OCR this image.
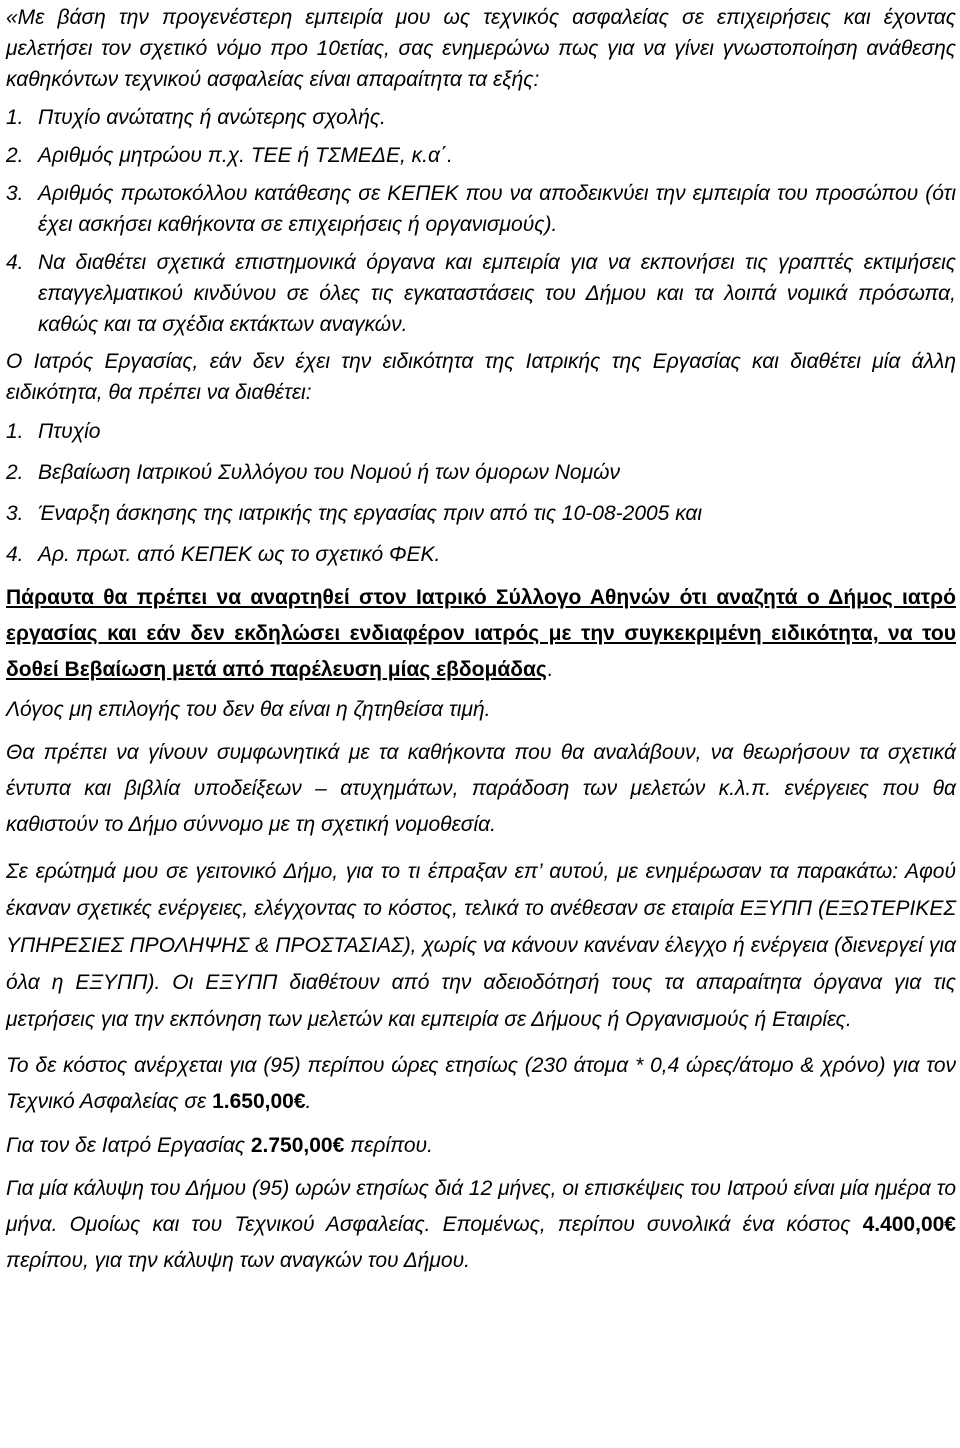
«Με βάση την προγενέστερη εμπειρία μου ως τεχνικός ασφαλείας σε επιχειρήσεις και έχοντας μελετήσει τον σχετικό νόμο προ 10ετίας, σας ενημερώνω πως για να γίνει γνωστοποίηση ανάθεσης καθηκόντων τεχνικού ασφαλείας είναι απαραίτητα τα εξής:

1. Πτυχίο ανώτατης ή ανώτερης σχολής.
2. Αριθμός μητρώου π.χ. ΤΕΕ ή ΤΣΜΕΔΕ, κ.α΄.
3. Αριθμός πρωτοκόλλου κατάθεσης σε ΚΕΠΕΚ που να αποδεικνύει την εμπειρία του προσώπου (ότι έχει ασκήσει καθήκοντα σε επιχειρήσεις ή οργανισμούς).
4. Να διαθέτει σχετικά επιστημονικά όργανα και εμπειρία για να εκπονήσει τις γραπτές εκτιμήσεις επαγγελματικού κινδύνου σε όλες τις εγκαταστάσεις του Δήμου και τα λοιπά νομικά πρόσωπα, καθώς και τα σχέδια εκτάκτων αναγκών.

Ο Ιατρός Εργασίας, εάν δεν έχει την ειδικότητα της Ιατρικής της Εργασίας και διαθέτει μία άλλη ειδικότητα, θα πρέπει να διαθέτει:

1. Πτυχίο
2. Βεβαίωση Ιατρικού Συλλόγου του Νομού ή των όμορων Νομών
3. Έναρξη άσκησης της ιατρικής της εργασίας πριν από τις 10-08-2005 και
4. Αρ. πρωτ. από ΚΕΠΕΚ ως το σχετικό ΦΕΚ.

Πάραυτα θα πρέπει να αναρτηθεί στον Ιατρικό Σύλλογο Αθηνών ότι αναζητά ο Δήμος ιατρό εργασίας και εάν δεν εκδηλώσει ενδιαφέρον ιατρός με την συγκεκριμένη ειδικότητα, να του δοθεί Βεβαίωση μετά από παρέλευση μίας εβδομάδας.

Λόγος μη επιλογής του δεν θα είναι η ζητηθείσα τιμή.

Θα πρέπει να γίνουν συμφωνητικά με τα καθήκοντα που θα αναλάβουν, να θεωρήσουν τα σχετικά έντυπα και βιβλία υποδείξεων – ατυχημάτων, παράδοση των μελετών κ.λ.π. ενέργειες που θα καθιστούν το Δήμο σύννομο με τη σχετική νομοθεσία.

Σε ερώτημά μου σε γειτονικό Δήμο, για το τι έπραξαν επ’ αυτού, με ενημέρωσαν τα παρακάτω: Αφού έκαναν σχετικές ενέργειες, ελέγχοντας το κόστος, τελικά το ανέθεσαν σε εταιρία ΕΞΥΠΠ (ΕΞΩΤΕΡΙΚΕΣ ΥΠΗΡΕΣΙΕΣ ΠΡΟΛΗΨΗΣ & ΠΡΟΣΤΑΣΙΑΣ), χωρίς να κάνουν κανέναν έλεγχο ή ενέργεια (διενεργεί για όλα η ΕΞΥΠΠ). Οι ΕΞΥΠΠ διαθέτουν από την αδειοδότησή τους τα απαραίτητα όργανα για τις μετρήσεις για την εκπόνηση των μελετών και εμπειρία σε Δήμους ή Οργανισμούς ή Εταιρίες.

Το δε κόστος ανέρχεται για (95) περίπου ώρες ετησίως (230 άτομα * 0,4 ώρες/άτομο & χρόνο) για τον Τεχνικό Ασφαλείας σε 1.650,00€.

Για τον δε Ιατρό Εργασίας 2.750,00€ περίπου.

Για μία κάλυψη του Δήμου (95) ωρών ετησίως διά 12 μήνες, οι επισκέψεις του Ιατρού είναι μία ημέρα το μήνα. Ομοίως και του Τεχνικού Ασφαλείας. Επομένως, περίπου συνολικά ένα κόστος 4.400,00€ περίπου, για την κάλυψη των αναγκών του Δήμου.
